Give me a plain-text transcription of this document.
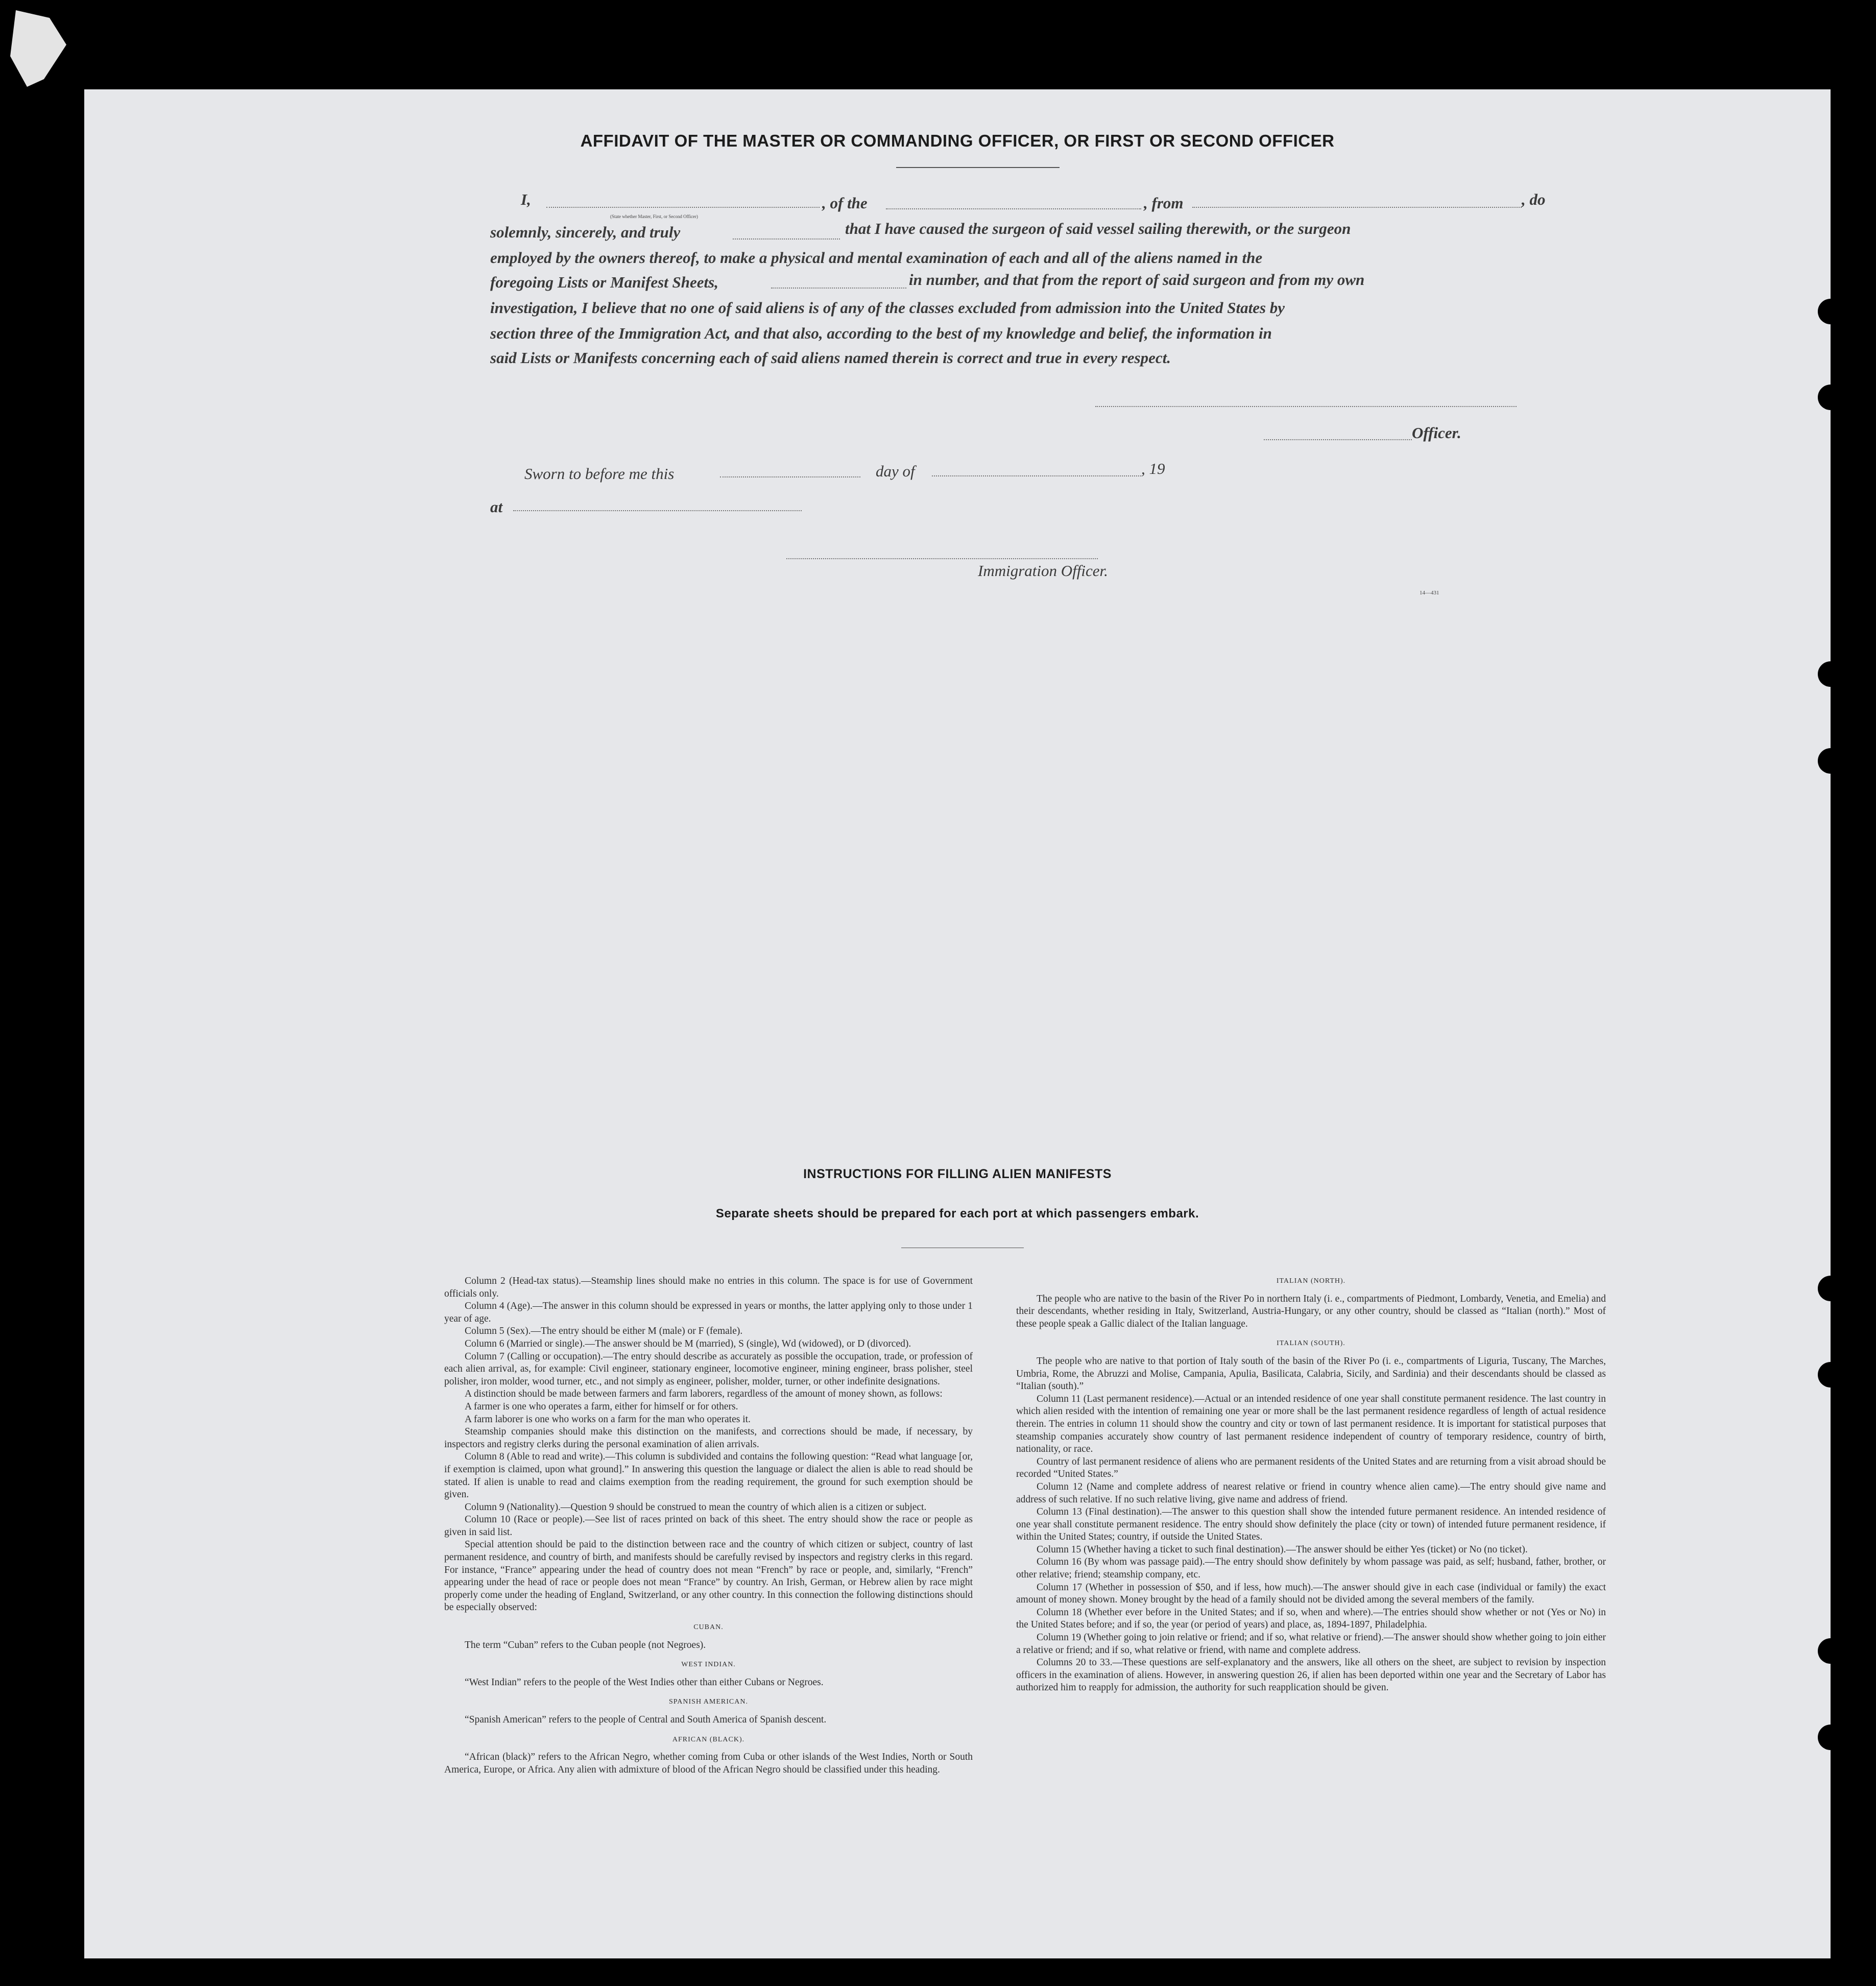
AFFIDAVIT OF THE MASTER OR COMMANDING OFFICER, OR FIRST OR SECOND OFFICER
I,
(State whether Master, First, or Second Officer)
, of the	, from	, do
solemnly, sincerely, and truly	that I have caused the surgeon of said vessel sailing therewith, or the surgeon
employed by the owners thereof, to make a physical and mental examination of each and all of the aliens named in the
foregoing Lists or Manifest Sheets,	in number, and that from the report of said surgeon and from my own
investigation, I believe that no one of said aliens is of any of the classes excluded from admission into the United States by
section three of the Immigration Act, and that also, according to the best of my knowledge and belief, the information in
said Lists or Manifests concerning each of said aliens named therein is correct and true in every respect.
Officer.
Sworn to before me this	day of	, 19
at
Immigration Officer.
14—431
INSTRUCTIONS FOR FILLING ALIEN MANIFESTS
Separate sheets should be prepared for each port at which passengers embark.

Column 2 (Head-tax status).—Steamship lines should make no entries in this column. The space is for use of Government officials only.

Column 4 (Age).—The answer in this column should be expressed in years or months, the latter applying only to those under 1 year of age.

Column 5 (Sex).—The entry should be either M (male) or F (female).

Column 6 (Married or single).—The answer should be M (married), S (single), Wd (widowed), or D (divorced).

Column 7 (Calling or occupation).—The entry should describe as accurately as possible the occupation, trade, or profession of each alien arrival, as, for example: Civil engineer, stationary engineer, locomotive engineer, mining engineer, brass polisher, steel polisher, iron molder, wood turner, etc., and not simply as engineer, polisher, molder, turner, or other indefinite designations.

A distinction should be made between farmers and farm laborers, regardless of the amount of money shown, as follows:

A farmer is one who operates a farm, either for himself or for others.

A farm laborer is one who works on a farm for the man who operates it.

Steamship companies should make this distinction on the manifests, and corrections should be made, if necessary, by inspectors and registry clerks during the personal examination of alien arrivals.

Column 8 (Able to read and write).—This column is subdivided and contains the following question: “Read what language [or, if exemption is claimed, upon what ground].” In answering this question the language or dialect the alien is able to read should be stated. If alien is unable to read and claims exemption from the reading requirement, the ground for such exemption should be given.

Column 9 (Nationality).—Question 9 should be construed to mean the country of which alien is a citizen or subject.

Column 10 (Race or people).—See list of races printed on back of this sheet. The entry should show the race or people as given in said list.

Special attention should be paid to the distinction between race and the country of which citizen or subject, country of last permanent residence, and country of birth, and manifests should be carefully revised by inspectors and registry clerks in this regard. For instance, “France” appearing under the head of country does not mean “French” by race or people, and, similarly, “French” appearing under the head of race or people does not mean “France” by country. An Irish, German, or Hebrew alien by race might properly come under the heading of England, Switzerland, or any other country. In this connection the following distinctions should be especially observed:

CUBAN.

The term “Cuban” refers to the Cuban people (not Negroes).

WEST INDIAN.

“West Indian” refers to the people of the West Indies other than either Cubans or Negroes.

SPANISH AMERICAN.

“Spanish American” refers to the people of Central and South America of Spanish descent.

AFRICAN (BLACK).

“African (black)” refers to the African Negro, whether coming from Cuba or other islands of the West Indies, North or South America, Europe, or Africa. Any alien with admixture of blood of the African Negro should be classified under this heading.

ITALIAN (NORTH).

The people who are native to the basin of the River Po in northern Italy (i. e., compartments of Piedmont, Lombardy, Venetia, and Emelia) and their descendants, whether residing in Italy, Switzerland, Austria-Hungary, or any other country, should be classed as “Italian (north).” Most of these people speak a Gallic dialect of the Italian language.

ITALIAN (SOUTH).

The people who are native to that portion of Italy south of the basin of the River Po (i. e., compartments of Liguria, Tuscany, The Marches, Umbria, Rome, the Abruzzi and Molise, Campania, Apulia, Basilicata, Calabria, Sicily, and Sardinia) and their descendants should be classed as “Italian (south).”

Column 11 (Last permanent residence).—Actual or an intended residence of one year shall constitute permanent residence. The last country in which alien resided with the intention of remaining one year or more shall be the last permanent residence regardless of length of actual residence therein. The entries in column 11 should show the country and city or town of last permanent residence. It is important for statistical purposes that steamship companies accurately show country of last permanent residence independent of country of temporary residence, country of birth, nationality, or race.

Country of last permanent residence of aliens who are permanent residents of the United States and are returning from a visit abroad should be recorded “United States.”

Column 12 (Name and complete address of nearest relative or friend in country whence alien came).—The entry should give name and address of such relative. If no such relative living, give name and address of friend.

Column 13 (Final destination).—The answer to this question shall show the intended future permanent residence. An intended residence of one year shall constitute permanent residence. The entry should show definitely the place (city or town) of intended future permanent residence, if within the United States; country, if outside the United States.

Column 15 (Whether having a ticket to such final destination).—The answer should be either Yes (ticket) or No (no ticket).

Column 16 (By whom was passage paid).—The entry should show definitely by whom passage was paid, as self; husband, father, brother, or other relative; friend; steamship company, etc.

Column 17 (Whether in possession of $50, and if less, how much).—The answer should give in each case (individual or family) the exact amount of money shown. Money brought by the head of a family should not be divided among the several members of the family.

Column 18 (Whether ever before in the United States; and if so, when and where).—The entries should show whether or not (Yes or No) in the United States before; and if so, the year (or period of years) and place, as, 1894-1897, Philadelphia.

Column 19 (Whether going to join relative or friend; and if so, what relative or friend).—The answer should show whether going to join either a relative or friend; and if so, what relative or friend, with name and complete address.

Columns 20 to 33.—These questions are self-explanatory and the answers, like all others on the sheet, are subject to revision by inspection officers in the examination of aliens. However, in answering question 26, if alien has been deported within one year and the Secretary of Labor has authorized him to reapply for admission, the authority for such reapplication should be given.
